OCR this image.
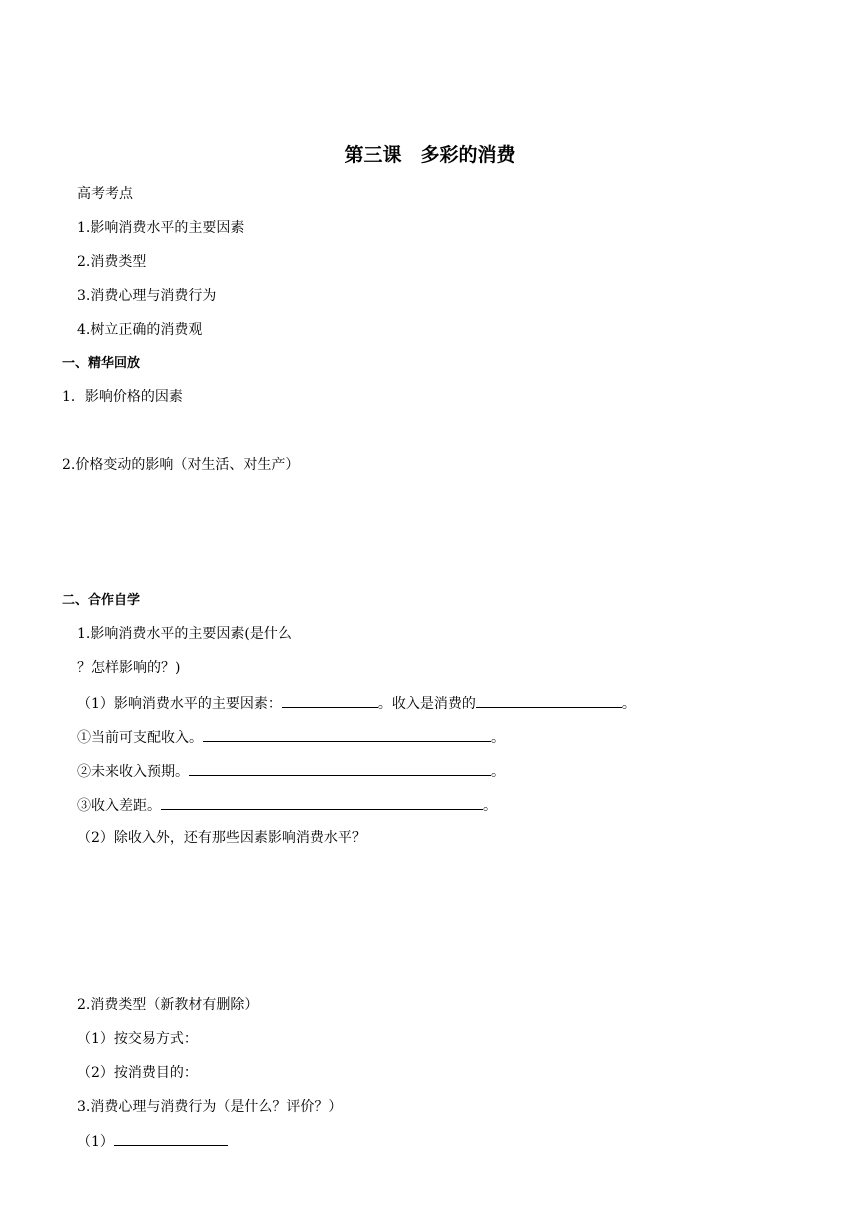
第三课　多彩的消费
高考考点
1.影响消费水平的主要因素
2.消费类型
3.消费心理与消费行为
4.树立正确的消费观
一、精华回放
1．影响价格的因素
2.价格变动的影响（对生活、对生产）
二、合作自学
1.影响消费水平的主要因素(是什么
？怎样影响的？)
（1）影响消费水平的主要因素：	。收入是消费的	。
①当前可支配收入。	。
②未来收入预期。	。
③收入差距。	。
（2）除收入外，还有那些因素影响消费水平？
2.消费类型（新教材有删除）
（1）按交易方式：
（2）按消费目的：
3.消费心理与消费行为（是什么？评价？）
（1）
